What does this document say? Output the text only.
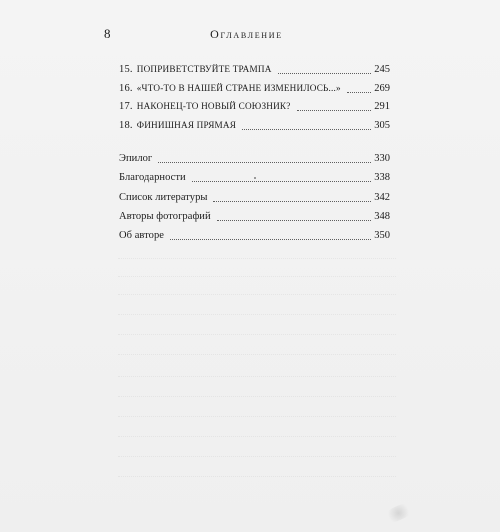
8	Оглавление
15. ПОПРИВЕТСТВУЙТЕ ТРАМПА	245
16. «ЧТО-ТО В НАШЕЙ СТРАНЕ ИЗМЕНИЛОСЬ...»	269
17. НАКОНЕЦ-ТО НОВЫЙ СОЮЗНИК?	291
18. ФИНИШНАЯ ПРЯМАЯ	305
Эпилог	330
Благодарности	338
Список литературы	342
Авторы фотографий	348
Об авторе	350
